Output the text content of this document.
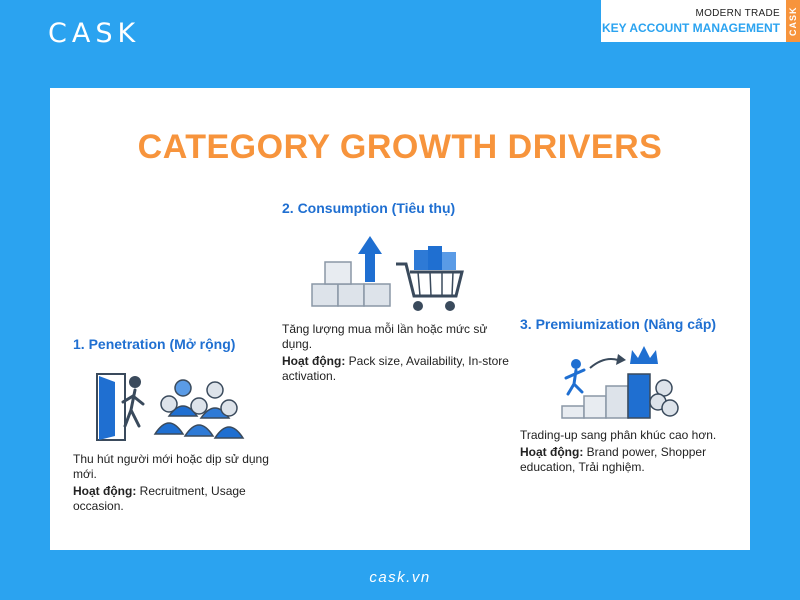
CASK
MODERN TRADE
KEY ACCOUNT MANAGEMENT CASK
CATEGORY GROWTH DRIVERS
2. Consumption (Tiêu thụ)
Tăng lượng mua mỗi lần hoặc mức sử dụng.
Hoạt động: Pack size, Availability, In-store activation.
1. Penetration (Mở rộng)
Thu hút người mới hoặc dịp sử dụng mới.
Hoạt động: Recruitment, Usage occasion.
3. Premiumization (Nâng cấp)
Trading-up sang phân khúc cao hơn.
Hoạt động: Brand power, Shopper education, Trải nghiệm.
cask.vn
